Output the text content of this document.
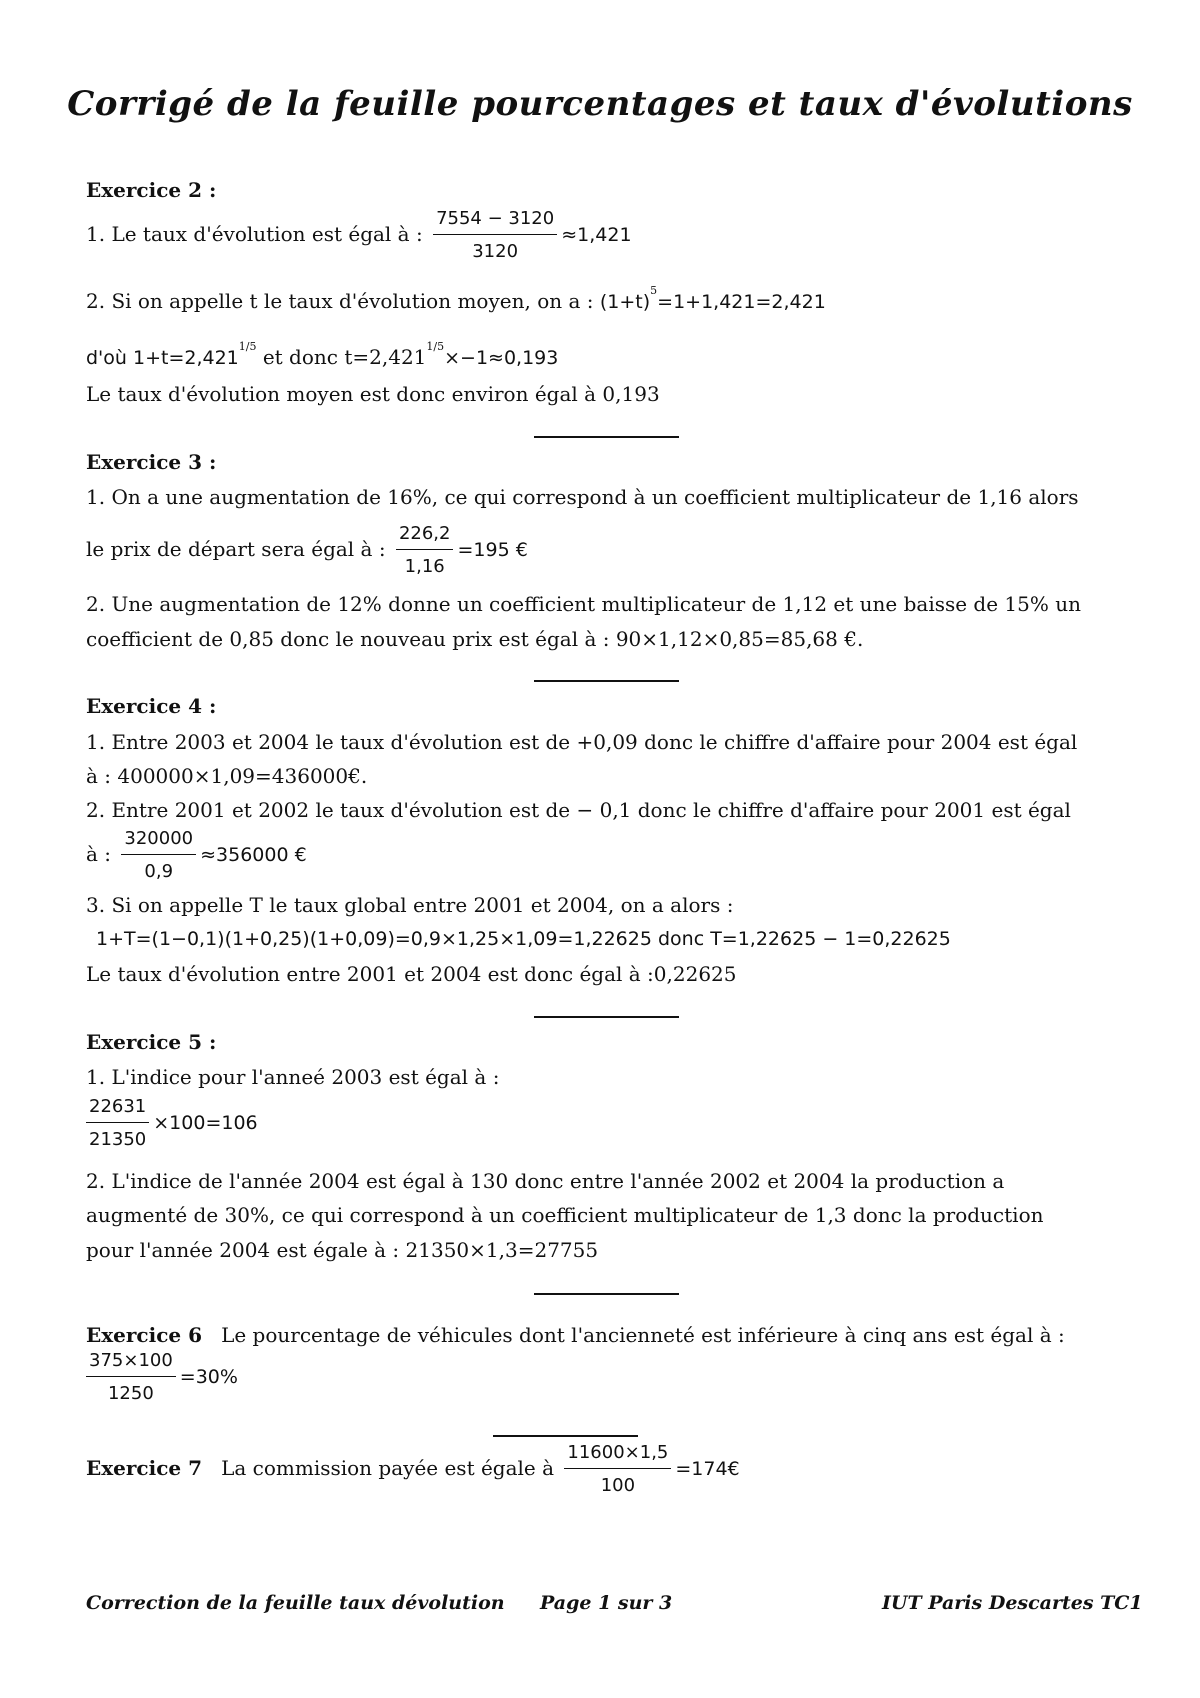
Corrigé de la feuille pourcentages et taux d'évolutions
Exercice 2 :
1. Le taux d'évolution est égal à : $\frac{7554 - 3120}{3120} \approx 1,421$
2. Si on appelle t le taux d'évolution moyen, on a : $(1+t)^5=1+1,421=2,421$
d'où $1+t=2,421^{1/5}$ et donc $t=2,421^{1/5}\times-1\approx 0,193$
Le taux d'évolution moyen est donc environ égal à 0,193
Exercice 3 :
1. On a une augmentation de 16%, ce qui correspond à un coefficient multiplicateur de 1,16 alors
le prix de départ sera égal à : $\frac{226,2}{1,16} =195$ €
2. Une augmentation de 12% donne un coefficient multiplicateur de 1,12 et une baisse de 15% un
coefficient de 0,85 donc le nouveau prix est égal à : 90×1,12×0,85=85,68 €.
Exercice 4 :
1. Entre 2003 et 2004 le taux d'évolution est de +0,09 donc le chiffre d'affaire pour 2004 est égal
à : 400000×1,09=436000€.
2. Entre 2001 et 2002 le taux d'évolution est de − 0,1 donc le chiffre d'affaire pour 2001 est égal
à : $\frac{320000}{0,9} \approx 356000$ €
3. Si on appelle T le taux global entre 2001 et 2004, on a alors :
1+T=(1−0,1)(1+0,25)(1+0,09)=0,9×1,25×1,09=1,22625 donc T=1,22625 − 1=0,22625
Le taux d'évolution entre 2001 et 2004 est donc égal à :0,22625
Exercice 5 :
1. L'indice pour l'anneé 2003 est égal à :
$\frac{22631}{21350} \times 100=106$
2. L'indice de l'année 2004 est égal à 130 donc entre l'année 2002 et 2004 la production a
augmenté de 30%, ce qui correspond à un coefficient multiplicateur de 1,3 donc la production
pour l'année 2004 est égale à : 21350×1,3=27755
Exercice 6 Le pourcentage de véhicules dont l'ancienneté est inférieure à cinq ans est égal à :
$\frac{375\times 100}{1250} =30\%$
Exercice 7 La commission payée est égale à $\frac{11600\times 1,5}{100}$ =174€
Correction de la feuille taux dévolution Page 1 sur 3	IUT Paris Descartes TC1
